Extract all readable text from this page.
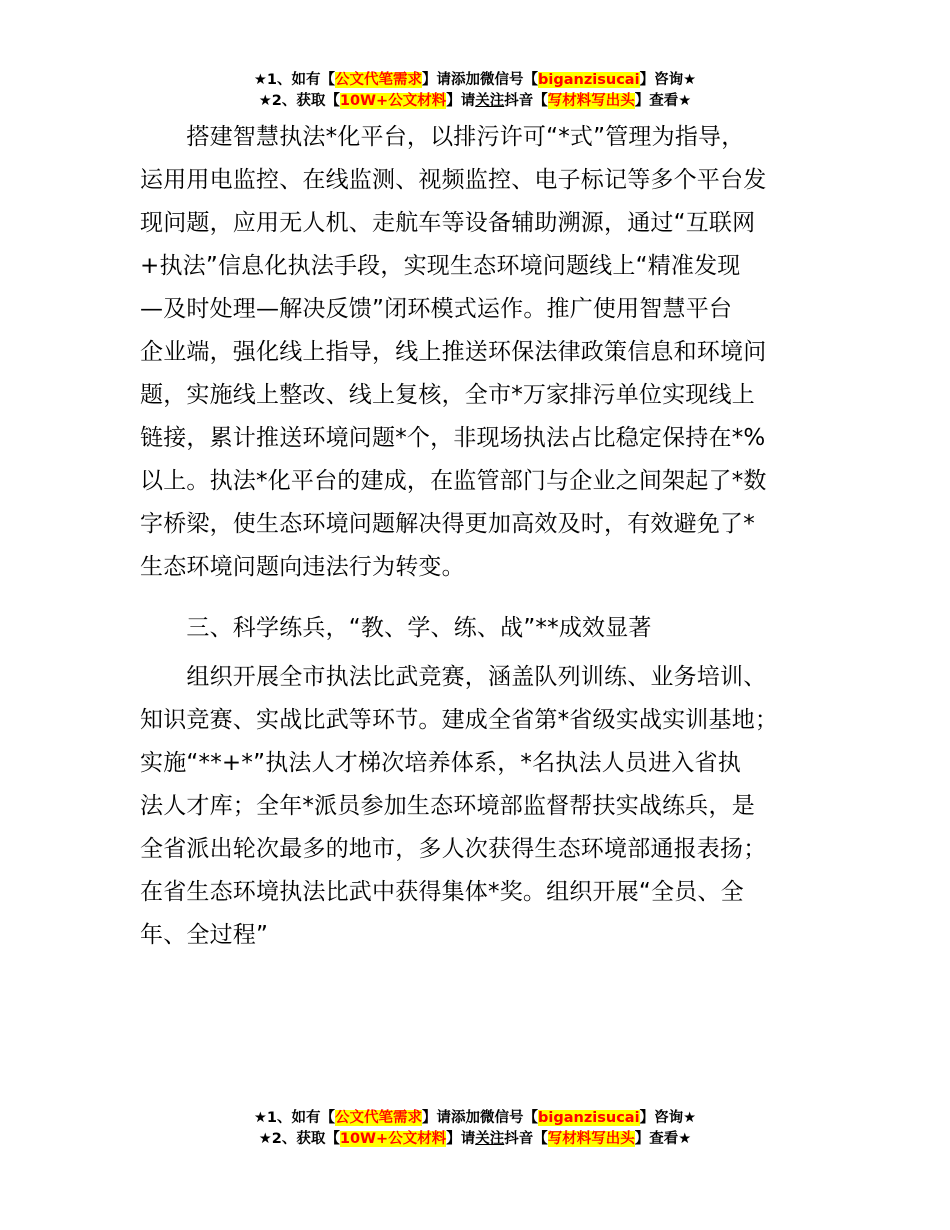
★1、如有【公文代笔需求】请添加微信号【biganzisucai】咨询★
★2、获取【10W+公文材料】请关注抖音【写材料写出头】查看★
　　搭建智慧执法*化平台，以排污许可“*式”管理为指导，
运用用电监控、在线监测、视频监控、电子标记等多个平台发
现问题，应用无人机、走航车等设备辅助溯源，通过“互联网
+执法”信息化执法手段，实现生态环境问题线上“精准发现
—及时处理—解决反馈”闭环模式运作。推广使用智慧平台
企业端，强化线上指导，线上推送环保法律政策信息和环境问
题，实施线上整改、线上复核，全市*万家排污单位实现线上
链接，累计推送环境问题*个，非现场执法占比稳定保持在*%
以上。执法*化平台的建成，在监管部门与企业之间架起了*数
字桥梁，使生态环境问题解决得更加高效及时，有效避免了*
生态环境问题向违法行为转变。
　　三、科学练兵，“教、学、练、战”**成效显著
　　组织开展全市执法比武竞赛，涵盖队列训练、业务培训、
知识竞赛、实战比武等环节。建成全省第*省级实战实训基地；
实施“**+*”执法人才梯次培养体系，*名执法人员进入省执
法人才库；全年*派员参加生态环境部监督帮扶实战练兵，是
全省派出轮次最多的地市，多人次获得生态环境部通报表扬；
在省生态环境执法比武中获得集体*奖。组织开展“全员、全
年、全过程”
★1、如有【公文代笔需求】请添加微信号【biganzisucai】咨询★
★2、获取【10W+公文材料】请关注抖音【写材料写出头】查看★
